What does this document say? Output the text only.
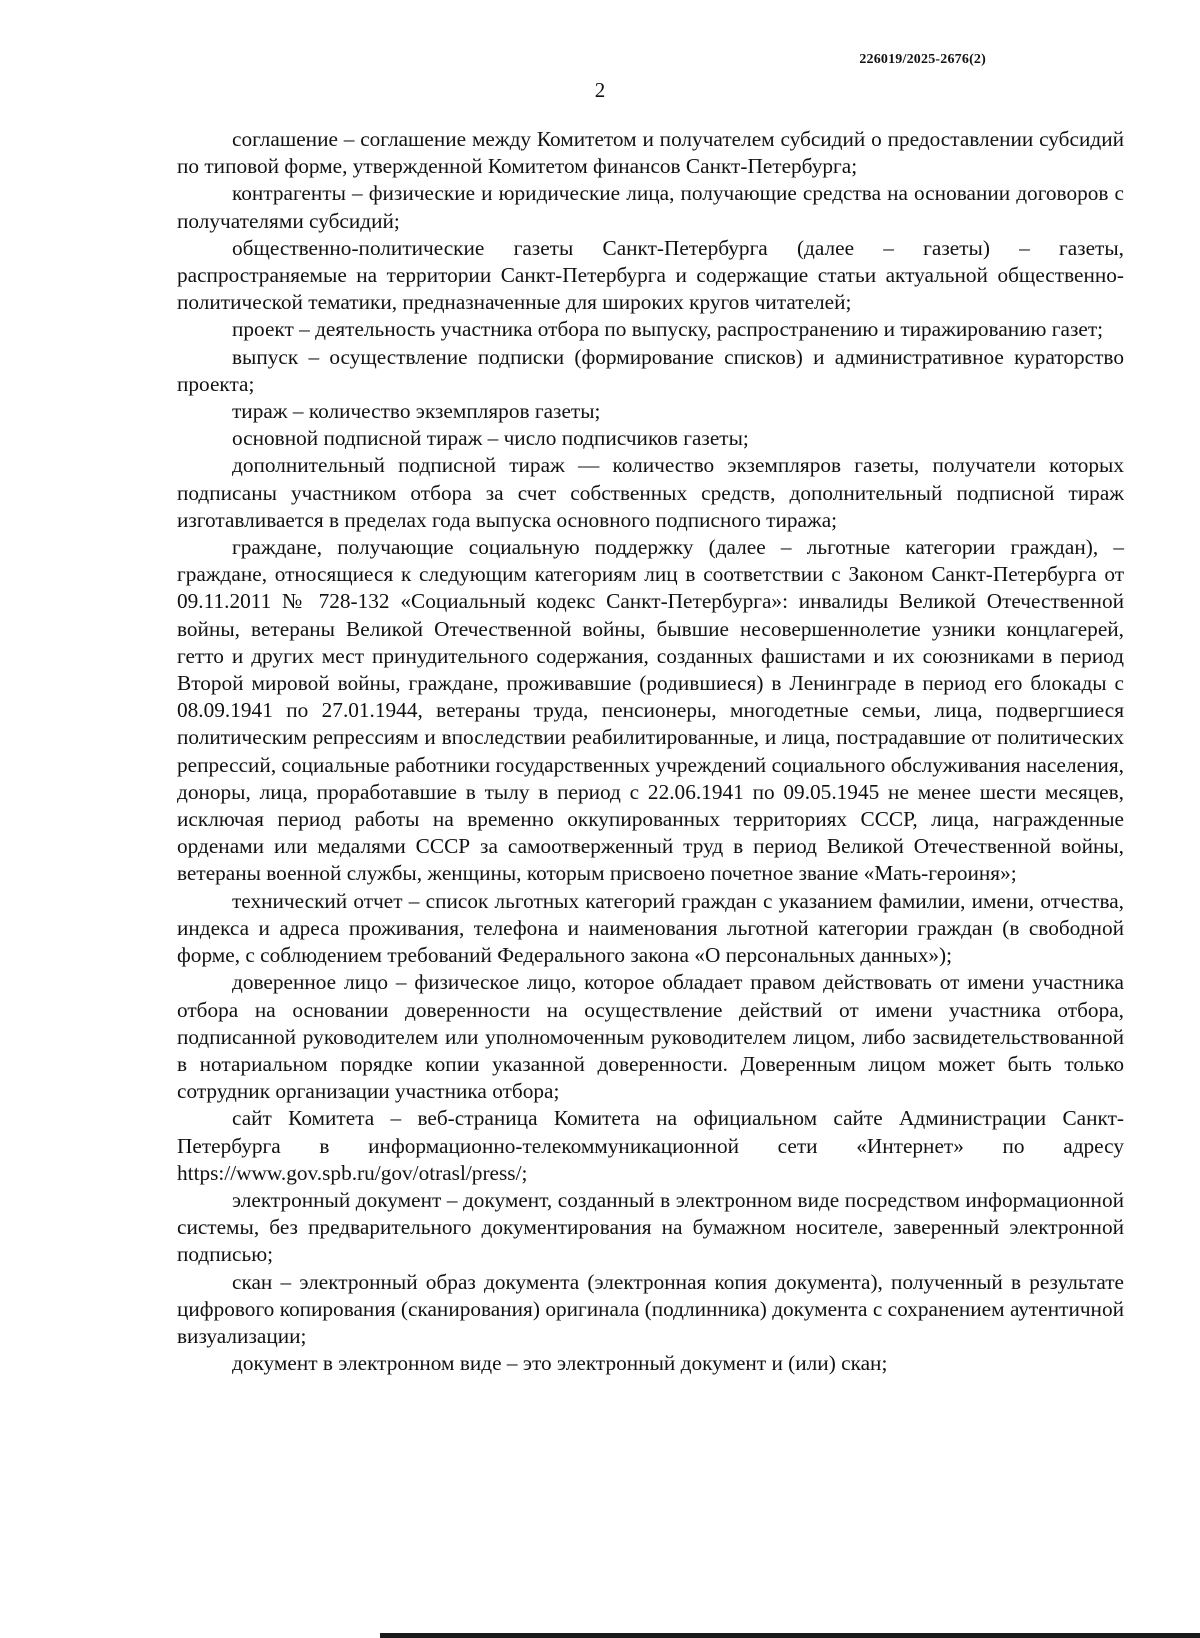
226019/2025-2676(2)
2

соглашение – соглашение между Комитетом и получателем субсидий о предоставлении субсидий по типовой форме, утвержденной Комитетом финансов Санкт-Петербурга;

контрагенты – физические и юридические лица, получающие средства на основании договоров с получателями субсидий;

общественно-политические газеты Санкт-Петербурга (далее – газеты) – газеты, распространяемые на территории Санкт-Петербурга и содержащие статьи актуальной общественно-политической тематики, предназначенные для широких кругов читателей;

проект – деятельность участника отбора по выпуску, распространению и тиражированию газет;

выпуск – осуществление подписки (формирование списков) и административное кураторство проекта;

тираж – количество экземпляров газеты;

основной подписной тираж – число подписчиков газеты;

дополнительный подписной тираж — количество экземпляров газеты, получатели которых подписаны участником отбора за счет собственных средств, дополнительный подписной тираж изготавливается в пределах года выпуска основного подписного тиража;

граждане, получающие социальную поддержку (далее – льготные категории граждан), – граждане, относящиеся к следующим категориям лиц в соответствии с Законом Санкт-Петербурга от 09.11.2011 № 728-132 «Социальный кодекс Санкт-Петербурга»: инвалиды Великой Отечественной войны, ветераны Великой Отечественной войны, бывшие несовершеннолетие узники концлагерей, гетто и других мест принудительного содержания, созданных фашистами и их союзниками в период Второй мировой войны, граждане, проживавшие (родившиеся) в Ленинграде в период его блокады с 08.09.1941 по 27.01.1944, ветераны труда, пенсионеры, многодетные семьи, лица, подвергшиеся политическим репрессиям и впоследствии реабилитированные, и лица, пострадавшие от политических репрессий, социальные работники государственных учреждений социального обслуживания населения, доноры, лица, проработавшие в тылу в период с 22.06.1941 по 09.05.1945 не менее шести месяцев, исключая период работы на временно оккупированных территориях СССР, лица, награжденные орденами или медалями СССР за самоотверженный труд в период Великой Отечественной войны, ветераны военной службы, женщины, которым присвоено почетное звание «Мать-героиня»;

технический отчет – список льготных категорий граждан с указанием фамилии, имени, отчества, индекса и адреса проживания, телефона и наименования льготной категории граждан (в свободной форме, с соблюдением требований Федерального закона «О персональных данных»);

доверенное лицо – физическое лицо, которое обладает правом действовать от имени участника отбора на основании доверенности на осуществление действий от имени участника отбора, подписанной руководителем или уполномоченным руководителем лицом, либо засвидетельствованной в нотариальном порядке копии указанной доверенности. Доверенным лицом может быть только сотрудник организации участника отбора;

сайт Комитета – веб-страница Комитета на официальном сайте Администрации Санкт-Петербурга в информационно-телекоммуникационной сети «Интернет» по адресу https://www.gov.spb.ru/gov/otrasl/press/;

электронный документ – документ, созданный в электронном виде посредством информационной системы, без предварительного документирования на бумажном носителе, заверенный электронной подписью;

скан – электронный образ документа (электронная копия документа), полученный в результате цифрового копирования (сканирования) оригинала (подлинника) документа с сохранением аутентичной визуализации;

документ в электронном виде – это электронный документ и (или) скан;
